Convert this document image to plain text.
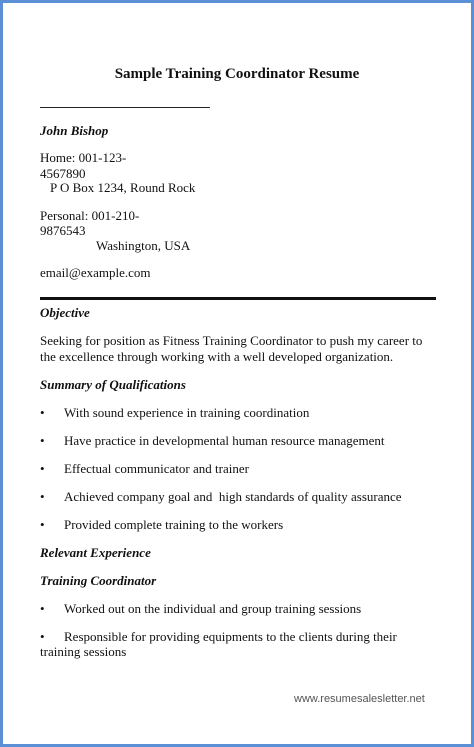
Sample Training Coordinator Resume
John Bishop
Home: 001-123-
4567890
P O Box 1234, Round Rock
Personal: 001-210-
9876543
Washington, USA
email@example.com
Objective
Seeking for position as Fitness Training Coordinator to push my career to
the excellence through working with a well developed organization.
Summary of Qualifications
• With sound experience in training coordination
• Have practice in developmental human resource management
• Effectual communicator and trainer
• Achieved company goal and  high standards of quality assurance
• Provided complete training to the workers
Relevant Experience
Training Coordinator
• Worked out on the individual and group training sessions
• Responsible for providing equipments to the clients during their
training sessions
www.resumesalesletter.net
